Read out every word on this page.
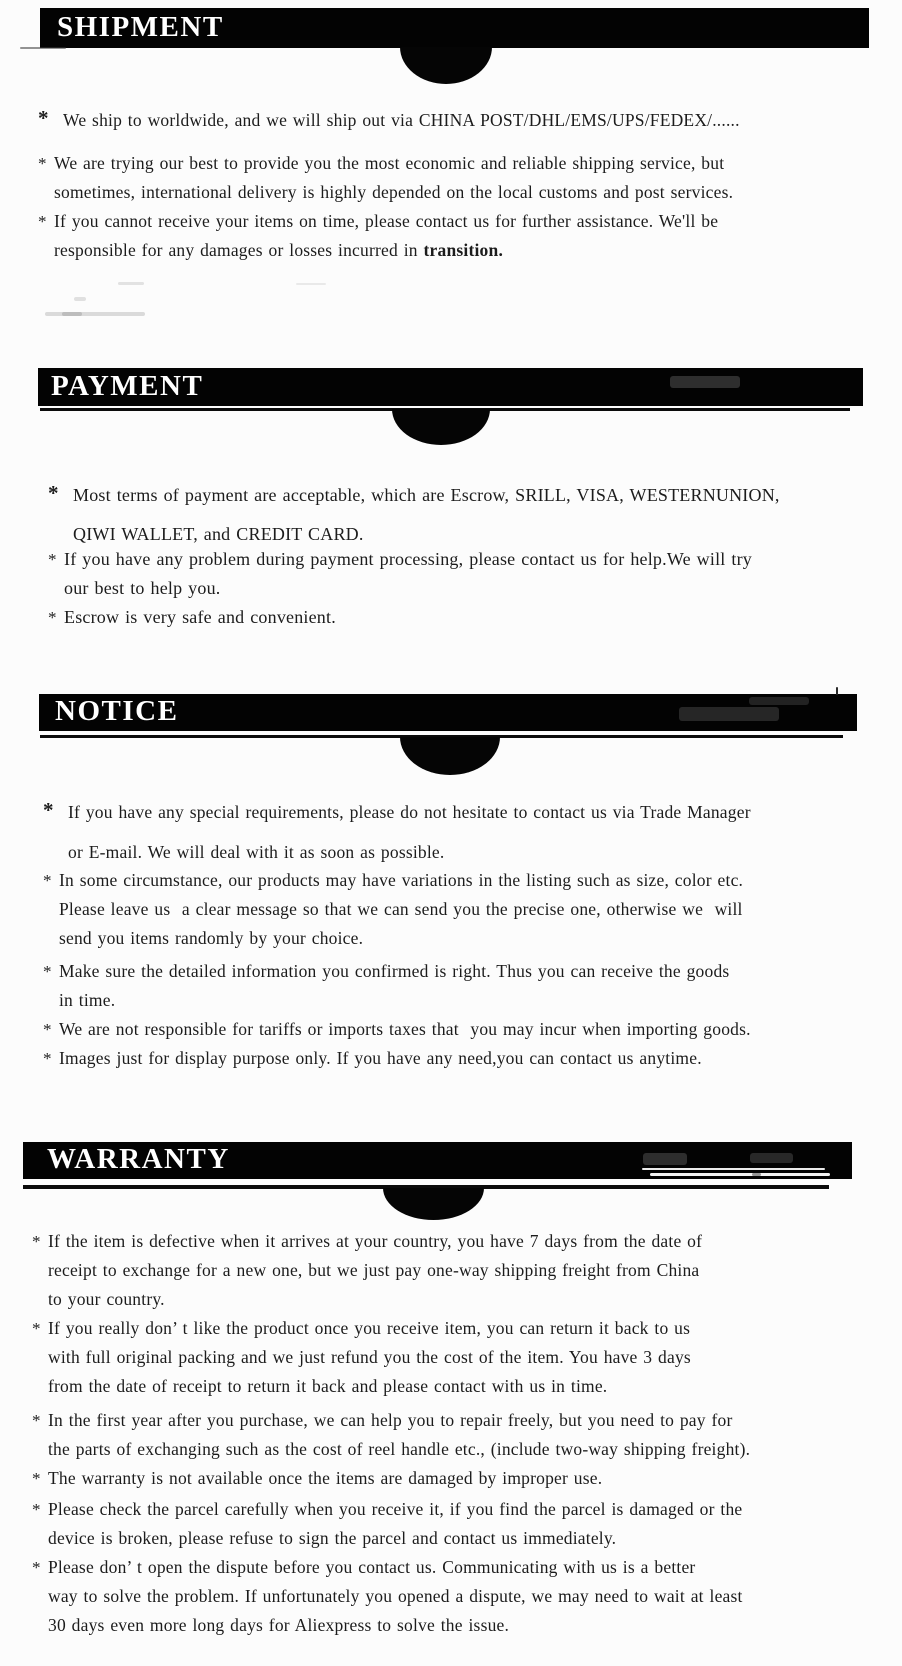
SHIPMENT
* We ship to worldwide, and we will ship out via CHINA POST/DHL/EMS/UPS/FEDEX/......
* We are trying our best to provide you the most economic and reliable shipping service, but
sometimes, international delivery is highly depended on the local customs and post services.
* If you cannot receive your items on time, please contact us for further assistance. We'll be
responsible for any damages or losses incurred in transition.
PAYMENT
* Most terms of payment are acceptable, which are Escrow, SRILL, VISA, WESTERNUNION,
QIWI WALLET, and CREDIT CARD.
* If you have any problem during payment processing, please contact us for help.We will try
our best to help you.
* Escrow is very safe and convenient.
NOTICE
* If you have any special requirements, please do not hesitate to contact us via Trade Manager
or E-mail. We will deal with it as soon as possible.
* In some circumstance, our products may have variations in the listing such as size, color etc.
Please leave us  a clear message so that we can send you the precise one, otherwise we  will
send you items randomly by your choice.
* Make sure the detailed information you confirmed is right. Thus you can receive the goods
in time.
* We are not responsible for tariffs or imports taxes that  you may incur when importing goods.
* Images just for display purpose only. If you have any need,you can contact us anytime.
WARRANTY
* If the item is defective when it arrives at your country, you have 7 days from the date of
receipt to exchange for a new one, but we just pay one-way shipping freight from China
to your country.
* If you really don’ t like the product once you receive item, you can return it back to us
with full original packing and we just refund you the cost of the item. You have 3 days
from the date of receipt to return it back and please contact with us in time.
* In the first year after you purchase, we can help you to repair freely, but you need to pay for
the parts of exchanging such as the cost of reel handle etc., (include two-way shipping freight).
* The warranty is not available once the items are damaged by improper use.
* Please check the parcel carefully when you receive it, if you find the parcel is damaged or the
device is broken, please refuse to sign the parcel and contact us immediately.
* Please don’ t open the dispute before you contact us. Communicating with us is a better
way to solve the problem. If unfortunately you opened a dispute, we may need to wait at least
30 days even more long days for Aliexpress to solve the issue.
